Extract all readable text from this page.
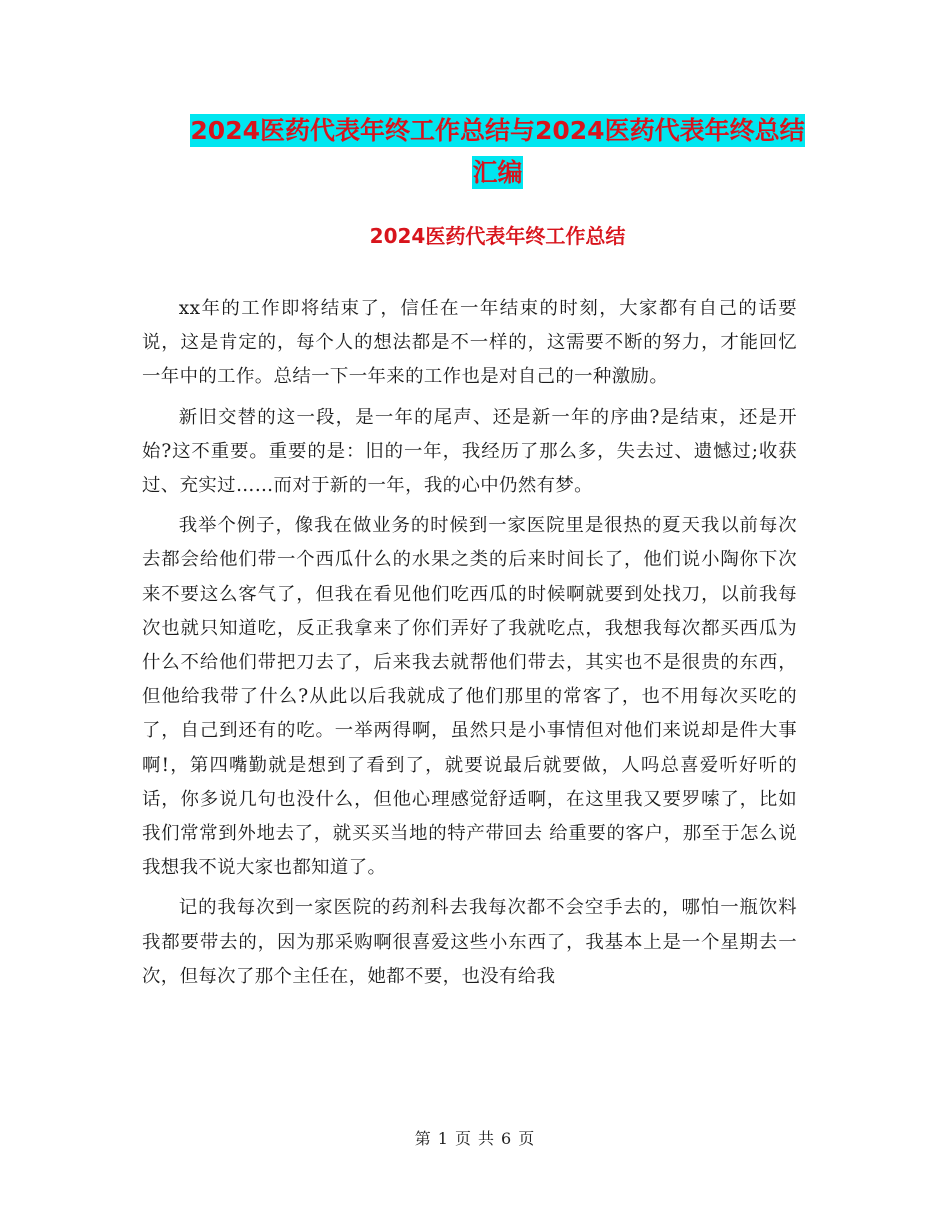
2024医药代表年终工作总结与2024医药代表年终总结
汇编
2024医药代表年终工作总结

xx年的工作即将结束了，信任在一年结束的时刻，大家都有自己的话要说，这是肯定的，每个人的想法都是不一样的，这需要不断的努力，才能回忆一年中的工作。总结一下一年来的工作也是对自己的一种激励。

新旧交替的这一段，是一年的尾声、还是新一年的序曲?是结束，还是开始?这不重要。重要的是：旧的一年，我经历了那么多，失去过、遗憾过;收获过、充实过……而对于新的一年，我的心中仍然有梦。

我举个例子，像我在做业务的时候到一家医院里是很热的夏天我以前每次去都会给他们带一个西瓜什么的水果之类的后来时间长了，他们说小陶你下次来不要这么客气了，但我在看见他们吃西瓜的时候啊就要到处找刀，以前我每次也就只知道吃，反正我拿来了你们弄好了我就吃点，我想我每次都买西瓜为什么不给他们带把刀去了，后来我去就帮他们带去，其实也不是很贵的东西，但他给我带了什么?从此以后我就成了他们那里的常客了，也不用每次买吃的了，自己到还有的吃。一举两得啊，虽然只是小事情但对他们来说却是件大事啊!，第四嘴勤就是想到了看到了，就要说最后就要做，人吗总喜爱听好听的话，你多说几句也没什么，但他心理感觉舒适啊，在这里我又要罗嗦了，比如我们常常到外地去了，就买买当地的特产带回去 给重要的客户，那至于怎么说我想我不说大家也都知道了。

记的我每次到一家医院的药剂科去我每次都不会空手去的，哪怕一瓶饮料我都要带去的，因为那采购啊很喜爱这些小东西了，我基本上是一个星期去一次，但每次了那个主任在，她都不要，也没有给我

第 1 页 共 6 页
